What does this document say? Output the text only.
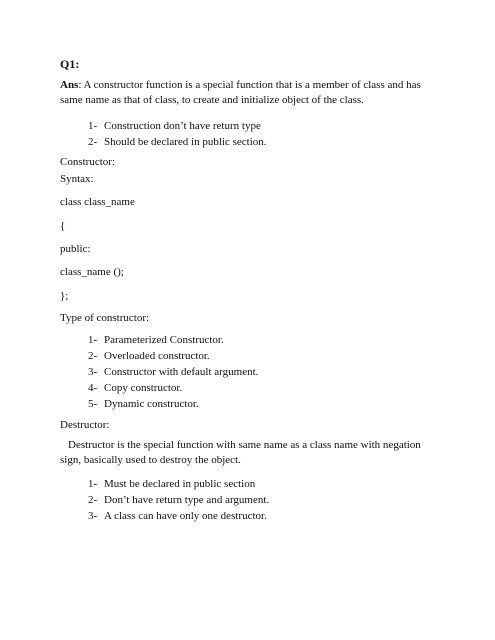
Q1:
Ans: A constructor function is a special function that is a member of class and has same name as that of class, to create and initialize object of the class.
1- Construction don’t have return type
2- Should be declared in public section.
Constructor:
Syntax:
class class_name
{
public:
class_name ();
};
Type of constructor:
1- Parameterized Constructor.
2- Overloaded constructor.
3- Constructor with default argument.
4- Copy constructor.
5- Dynamic constructor.
Destructor:
Destructor is the special function with same name as a class name with negation sign, basically used to destroy the object.
1- Must be declared in public section
2- Don’t have return type and argument.
3- A class can have only one destructor.
